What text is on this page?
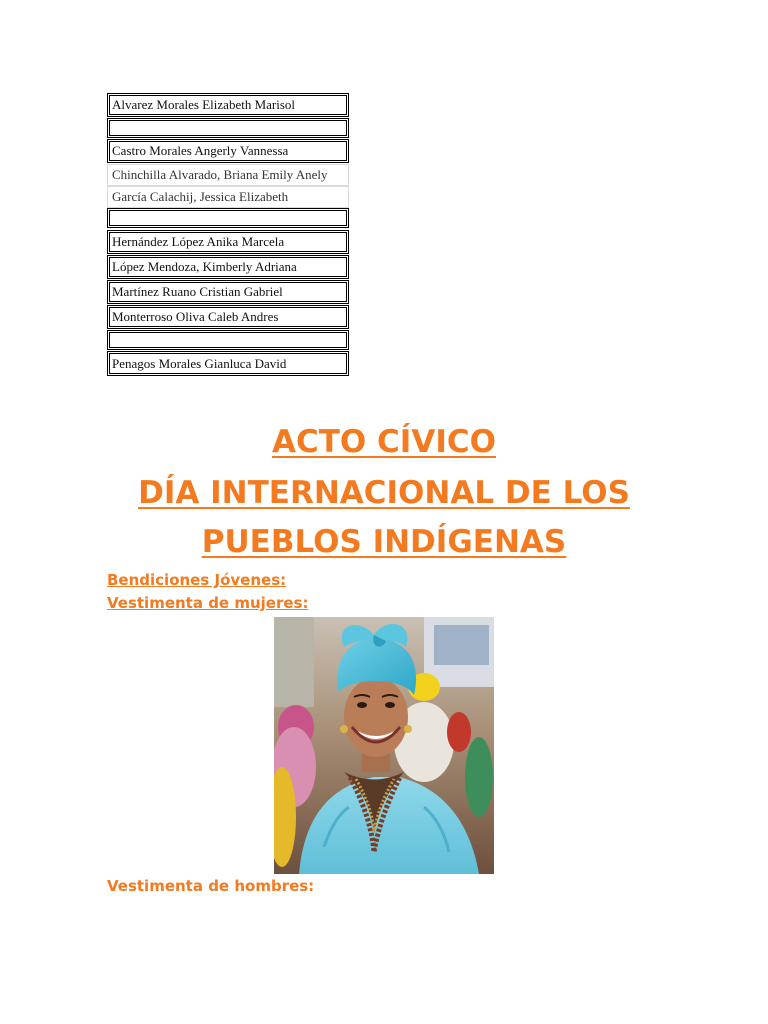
Alvarez Morales Elizabeth Marisol
Castro Morales Angerly Vannessa
Chinchilla Alvarado, Briana Emily Anely
García Calachij, Jessica Elizabeth
Hernández López Anika Marcela
López Mendoza, Kimberly Adriana
Martínez Ruano Cristian Gabriel
Monterroso Oliva Caleb Andres
Penagos Morales Gianluca David
ACTO CÍVICO
DÍA INTERNACIONAL DE LOS
PUEBLOS INDÍGENAS
Bendiciones Jóvenes:
Vestimenta de mujeres:
Vestimenta de hombres:
